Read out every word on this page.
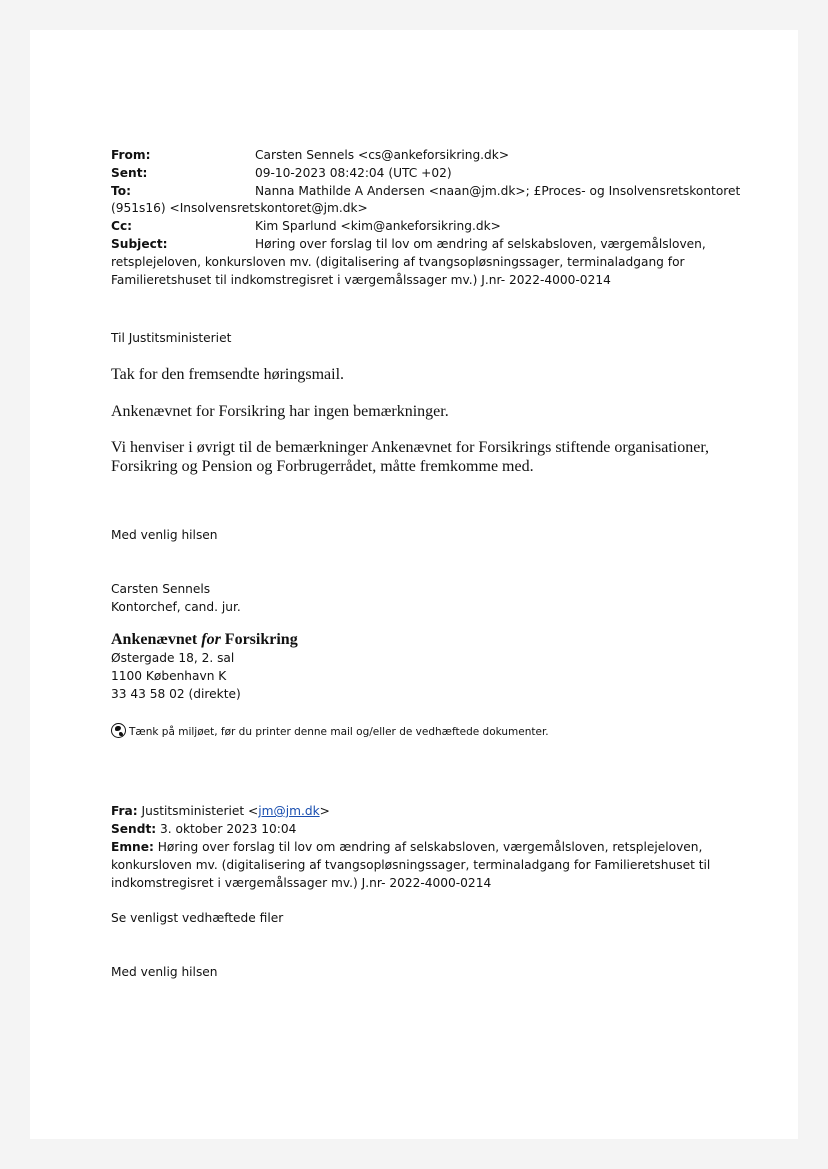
From:	Carsten Sennels <cs@ankeforsikring.dk>
Sent:	09-10-2023 08:42:04 (UTC +02)
To:	Nanna Mathilde A Andersen <naan@jm.dk>; £Proces- og Insolvensretskontoret
(951s16) <Insolvensretskontoret@jm.dk>
Cc:	Kim Sparlund <kim@ankeforsikring.dk>
Subject:	Høring over forslag til lov om ændring af selskabsloven, værgemålsloven,
retsplejeloven, konkursloven mv. (digitalisering af tvangsopløsningssager, terminaladgang for
Familieretshuset til indkomstregisret i værgemålssager mv.) J.nr- 2022-4000-0214
Til Justitsministeriet
Tak for den fremsendte høringsmail.
Ankenævnet for Forsikring har ingen bemærkninger.
Vi henviser i øvrigt til de bemærkninger Ankenævnet for Forsikrings stiftende organisationer,
Forsikring og Pension og Forbrugerrådet, måtte fremkomme med.
Med venlig hilsen
Carsten Sennels
Kontorchef, cand. jur.
Ankenævnet for Forsikring
Østergade 18, 2. sal
1100 København K
33 43 58 02 (direkte)
Tænk på miljøet, før du printer denne mail og/eller de vedhæftede dokumenter.
Fra: Justitsministeriet <jm@jm.dk>
Sendt: 3. oktober 2023 10:04
Emne: Høring over forslag til lov om ændring af selskabsloven, værgemålsloven, retsplejeloven,
konkursloven mv. (digitalisering af tvangsopløsningssager, terminaladgang for Familieretshuset til
indkomstregisret i værgemålssager mv.) J.nr- 2022-4000-0214
Se venligst vedhæftede filer
Med venlig hilsen
